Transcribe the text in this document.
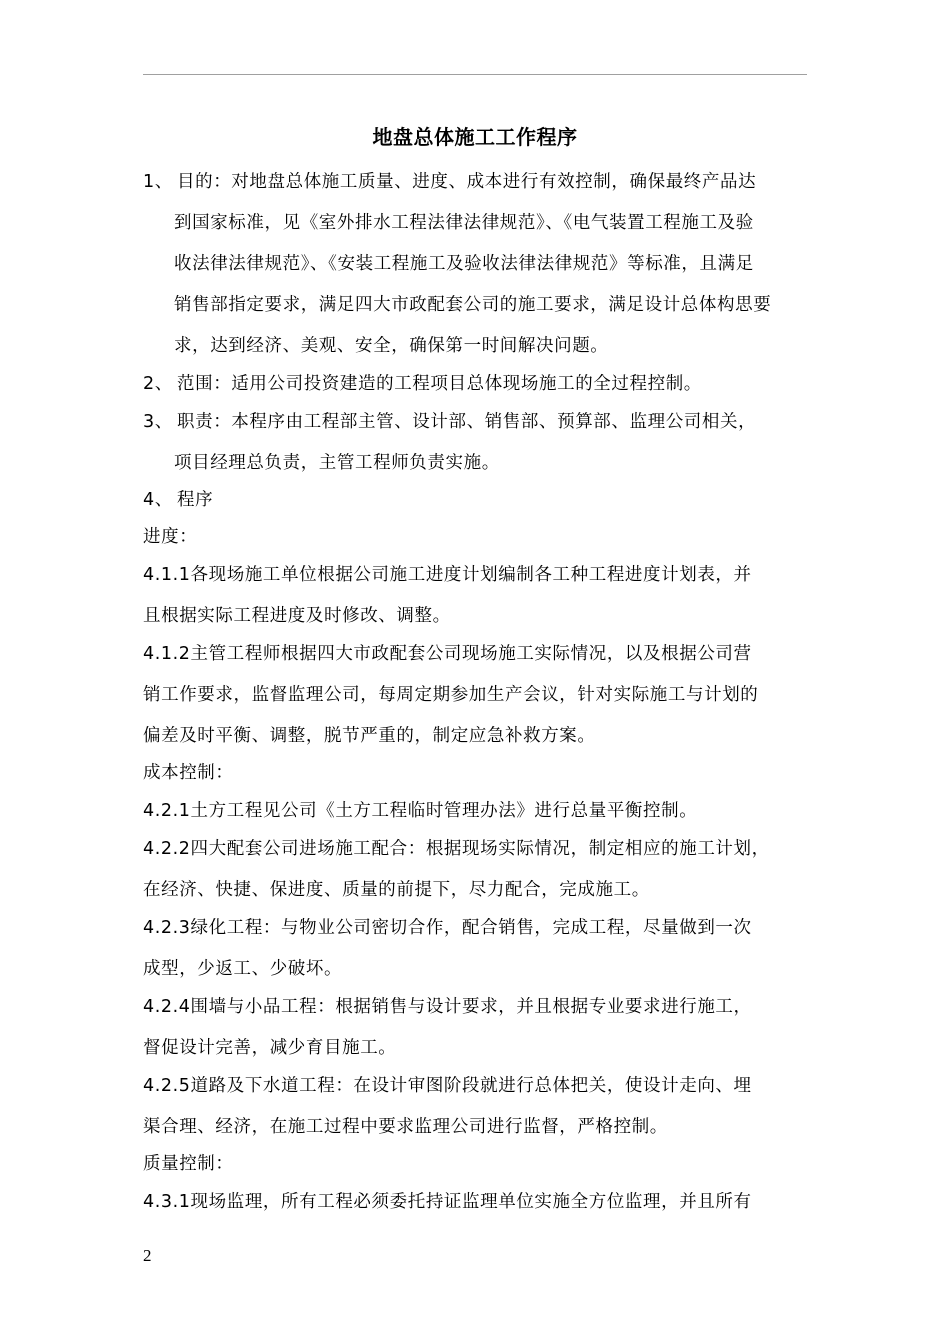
地盘总体施工工作程序
1、 目的：对地盘总体施工质量、进度、成本进行有效控制，确保最终产品达
到国家标准，见《室外排水工程法律法律规范》、《电气装置工程施工及验
收法律法律规范》、《安装工程施工及验收法律法律规范》等标准，且满足
销售部指定要求，满足四大市政配套公司的施工要求，满足设计总体构思要
求，达到经济、美观、安全，确保第一时间解决问题。
2、 范围：适用公司投资建造的工程项目总体现场施工的全过程控制。
3、 职责：本程序由工程部主管、设计部、销售部、预算部、监理公司相关，
项目经理总负责，主管工程师负责实施。
4、 程序
进度：
4.1.1各现场施工单位根据公司施工进度计划编制各工种工程进度计划表，并
且根据实际工程进度及时修改、调整。
4.1.2主管工程师根据四大市政配套公司现场施工实际情况，以及根据公司营
销工作要求，监督监理公司，每周定期参加生产会议，针对实际施工与计划的
偏差及时平衡、调整，脱节严重的，制定应急补救方案。
成本控制：
4.2.1土方工程见公司《土方工程临时管理办法》进行总量平衡控制。
4.2.2四大配套公司进场施工配合：根据现场实际情况，制定相应的施工计划，
在经济、快捷、保进度、质量的前提下，尽力配合，完成施工。
4.2.3绿化工程：与物业公司密切合作，配合销售，完成工程，尽量做到一次
成型，少返工、少破坏。
4.2.4围墙与小品工程：根据销售与设计要求，并且根据专业要求进行施工，
督促设计完善，减少育目施工。
4.2.5道路及下水道工程：在设计审图阶段就进行总体把关，使设计走向、埋
渠合理、经济，在施工过程中要求监理公司进行监督，严格控制。
质量控制：
4.3.1现场监理，所有工程必须委托持证监理单位实施全方位监理，并且所有
2
